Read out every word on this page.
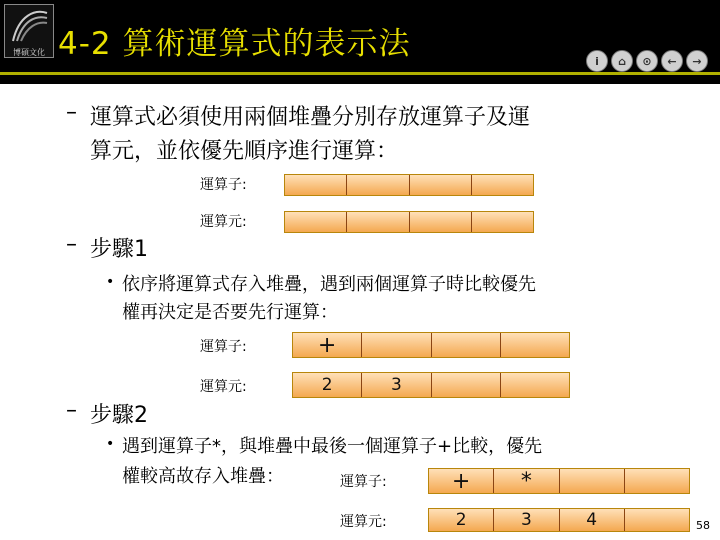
博碩文化 4-2 算術運算式的表示法	i	⌂	⊙	←	→
– 運算式必須使用兩個堆疊分別存放運算子及運
算元，並依優先順序進行運算：
運算子:
運算元:
– 步驟1
• 依序將運算式存入堆疊，遇到兩個運算子時比較優先
權再決定是否要先行運算：
運算子:	+
運算元:	2	3
– 步驟2
• 遇到運算子*，與堆疊中最後一個運算子+比較，優先
權較高故存入堆疊：	運算子:	+	*
運算元:	2	3	4	58
